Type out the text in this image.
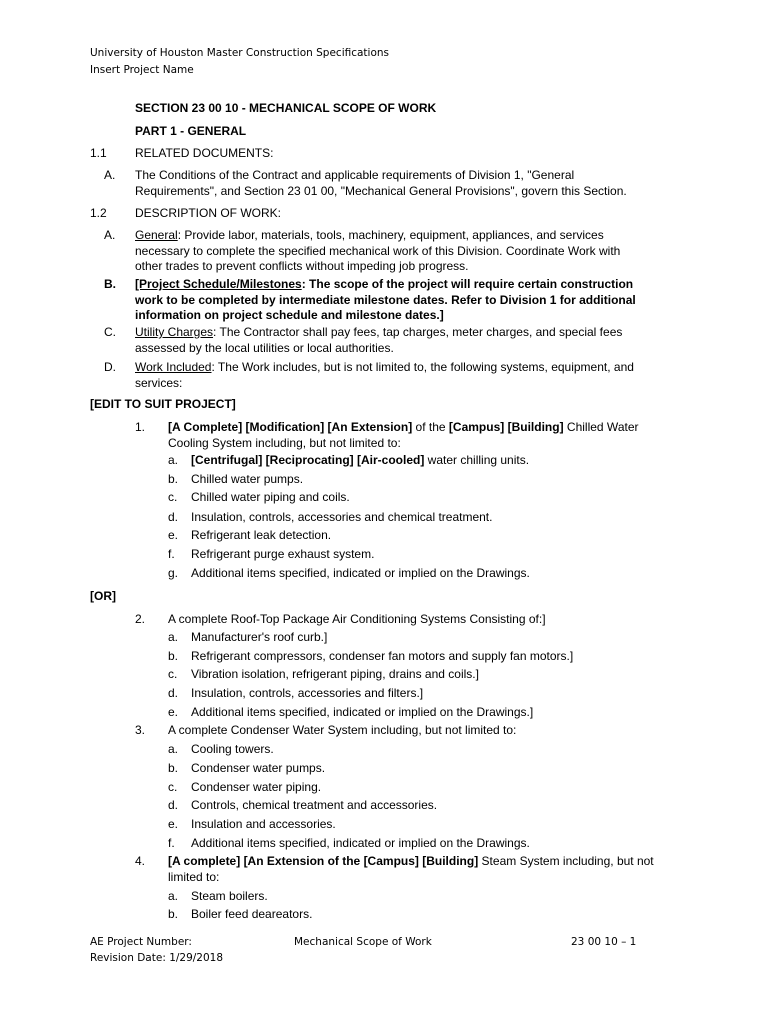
University of Houston Master Construction Specifications
Insert Project Name
SECTION 23 00 10 - MECHANICAL SCOPE OF WORK
PART 1 - GENERAL
1.1 RELATED DOCUMENTS:
A. The Conditions of the Contract and applicable requirements of Division 1, "General
Requirements", and Section 23 01 00, "Mechanical General Provisions", govern this Section.
1.2 DESCRIPTION OF WORK:
A. General: Provide labor, materials, tools, machinery, equipment, appliances, and services
necessary to complete the specified mechanical work of this Division. Coordinate Work with
other trades to prevent conflicts without impeding job progress.
B. [Project Schedule/Milestones: The scope of the project will require certain construction
work to be completed by intermediate milestone dates. Refer to Division 1 for additional
information on project schedule and milestone dates.]
C. Utility Charges: The Contractor shall pay fees, tap charges, meter charges, and special fees
assessed by the local utilities or local authorities.
D. Work Included: The Work includes, but is not limited to, the following systems, equipment, and
services:
[EDIT TO SUIT PROJECT]
1. [A Complete] [Modification] [An Extension] of the [Campus] [Building] Chilled Water
Cooling System including, but not limited to:
a. [Centrifugal] [Reciprocating] [Air-cooled] water chilling units.
b. Chilled water pumps.
c. Chilled water piping and coils.
d. Insulation, controls, accessories and chemical treatment.
e. Refrigerant leak detection.
f. Refrigerant purge exhaust system.
g. Additional items specified, indicated or implied on the Drawings.
[OR]
2. A complete Roof-Top Package Air Conditioning Systems Consisting of:]
a. Manufacturer's roof curb.]
b. Refrigerant compressors, condenser fan motors and supply fan motors.]
c. Vibration isolation, refrigerant piping, drains and coils.]
d. Insulation, controls, accessories and filters.]
e. Additional items specified, indicated or implied on the Drawings.]
3. A complete Condenser Water System including, but not limited to:
a. Cooling towers.
b. Condenser water pumps.
c. Condenser water piping.
d. Controls, chemical treatment and accessories.
e. Insulation and accessories.
f. Additional items specified, indicated or implied on the Drawings.
4. [A complete] [An Extension of the [Campus] [Building] Steam System including, but not
limited to:
a. Steam boilers.
b. Boiler feed deareators.
AE Project Number:
Revision Date: 1/29/2018
Mechanical Scope of Work	23 00 10 – 1
